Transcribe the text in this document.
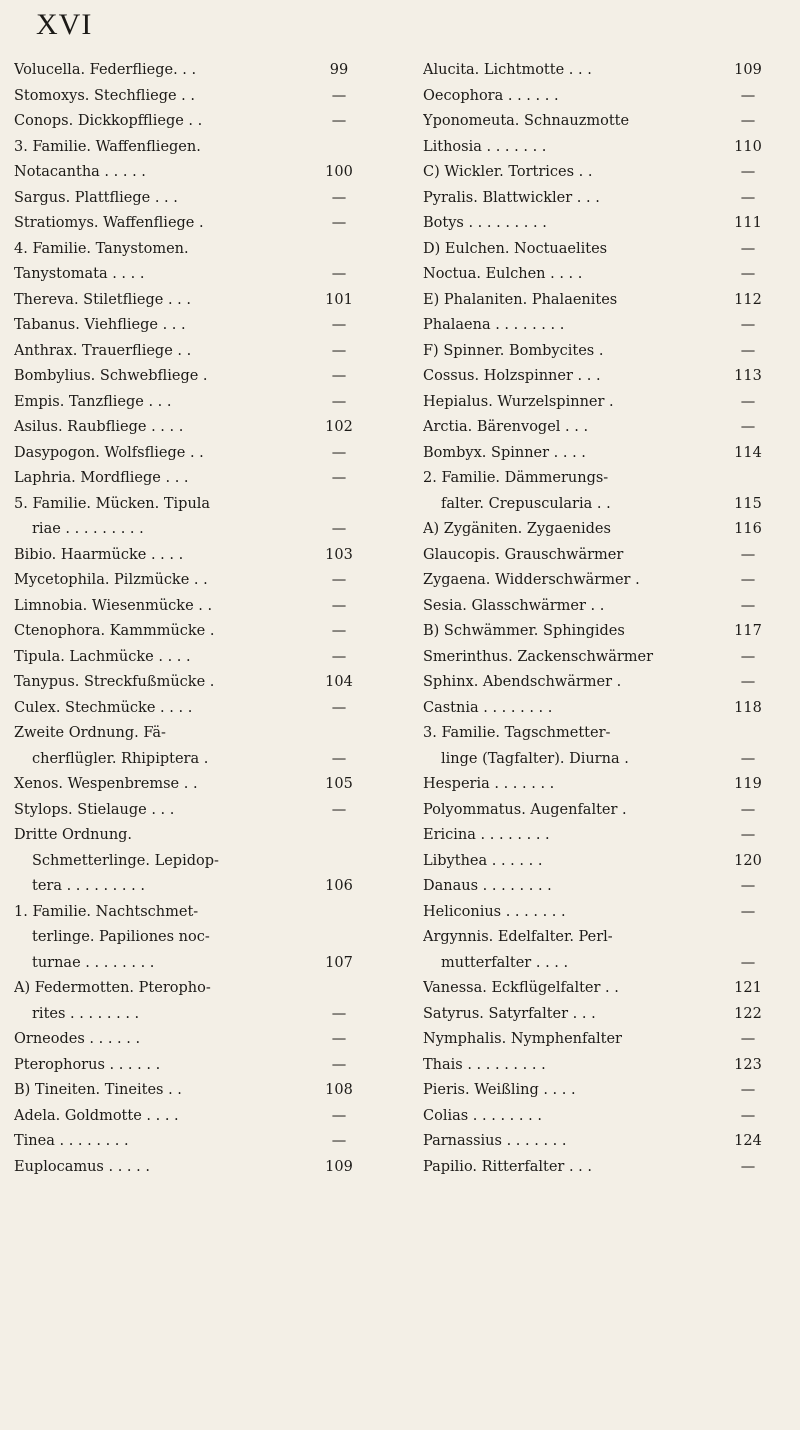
XVI
Volucella. Federfliege. . .	99
Stomoxys. Stechfliege . .	—
Conops. Dickkopffliege . .	—
3. Familie. Waffenfliegen.
Notacantha . . . . .	100
Sargus. Plattfliege . . .	—
Stratiomys. Waffenfliege .	—
4. Familie. Tanystomen.
Tanystomata . . . .	—
Thereva. Stiletfliege . . .	101
Tabanus. Viehfliege . . .	—
Anthrax. Trauerfliege . .	—
Bombylius. Schwebfliege .	—
Empis. Tanzfliege . . .	—
Asilus. Raubfliege . . . .	102
Dasypogon. Wolfsfliege . .	—
Laphria. Mordfliege . . .	—
5. Familie. Mücken. Tipula
riae . . . . . . . . .	—
Bibio. Haarmücke . . . .	103
Mycetophila. Pilzmücke . .	—
Limnobia. Wiesenmücke . .	—
Ctenophora. Kammmücke .	—
Tipula. Lachmücke . . . .	—
Tanypus. Streckfußmücke .	104
Culex. Stechmücke . . . .	—
Zweite Ordnung. Fä-
cherflügler. Rhipiptera .	—
Xenos. Wespenbremse . .	105
Stylops. Stielauge . . .	—
Dritte Ordnung.
Schmetterlinge. Lepidop-
tera . . . . . . . . .	106
1. Familie. Nachtschmet-
terlinge. Papiliones noc-
turnae . . . . . . . .	107
A) Federmotten. Pteropho-
rites . . . . . . . .	—
Orneodes . . . . . .	—
Pterophorus . . . . . .	—
B) Tineiten. Tineites . .	108
Adela. Goldmotte . . . .	—
Tinea . . . . . . . .	—
Euplocamus . . . . .	109
Alucita. Lichtmotte . . .	109
Oecophora . . . . . .	—
Yponomeuta. Schnauzmotte	—
Lithosia . . . . . . .	110
C) Wickler. Tortrices . .	—
Pyralis. Blattwickler . . .	—
Botys . . . . . . . . .	111
D) Eulchen. Noctuaelites	—
Noctua. Eulchen . . . .	—
E) Phalaniten. Phalaenites	112
Phalaena . . . . . . . .	—
F) Spinner. Bombycites .	—
Cossus. Holzspinner . . .	113
Hepialus. Wurzelspinner .	—
Arctia. Bärenvogel . . .	—
Bombyx. Spinner . . . .	114
2. Familie. Dämmerungs-
falter. Crepuscularia . .	115
A) Zygäniten. Zygaenides	116
Glaucopis. Grauschwärmer	—
Zygaena. Widderschwärmer .	—
Sesia. Glasschwärmer . .	—
B) Schwämmer. Sphingides	117
Smerinthus. Zackenschwärmer	—
Sphinx. Abendschwärmer .	—
Castnia . . . . . . . .	118
3. Familie. Tagschmetter-
linge (Tagfalter). Diurna .	—
Hesperia . . . . . . .	119
Polyommatus. Augenfalter .	—
Ericina . . . . . . . .	—
Libythea . . . . . .	120
Danaus . . . . . . . .	—
Heliconius . . . . . . .	—
Argynnis. Edelfalter. Perl-
mutterfalter . . . .	—
Vanessa. Eckflügelfalter . .	121
Satyrus. Satyrfalter . . .	122
Nymphalis. Nymphenfalter	—
Thais . . . . . . . . .	123
Pieris. Weißling . . . .	—
Colias . . . . . . . .	—
Parnassius . . . . . . .	124
Papilio. Ritterfalter . . .	—
